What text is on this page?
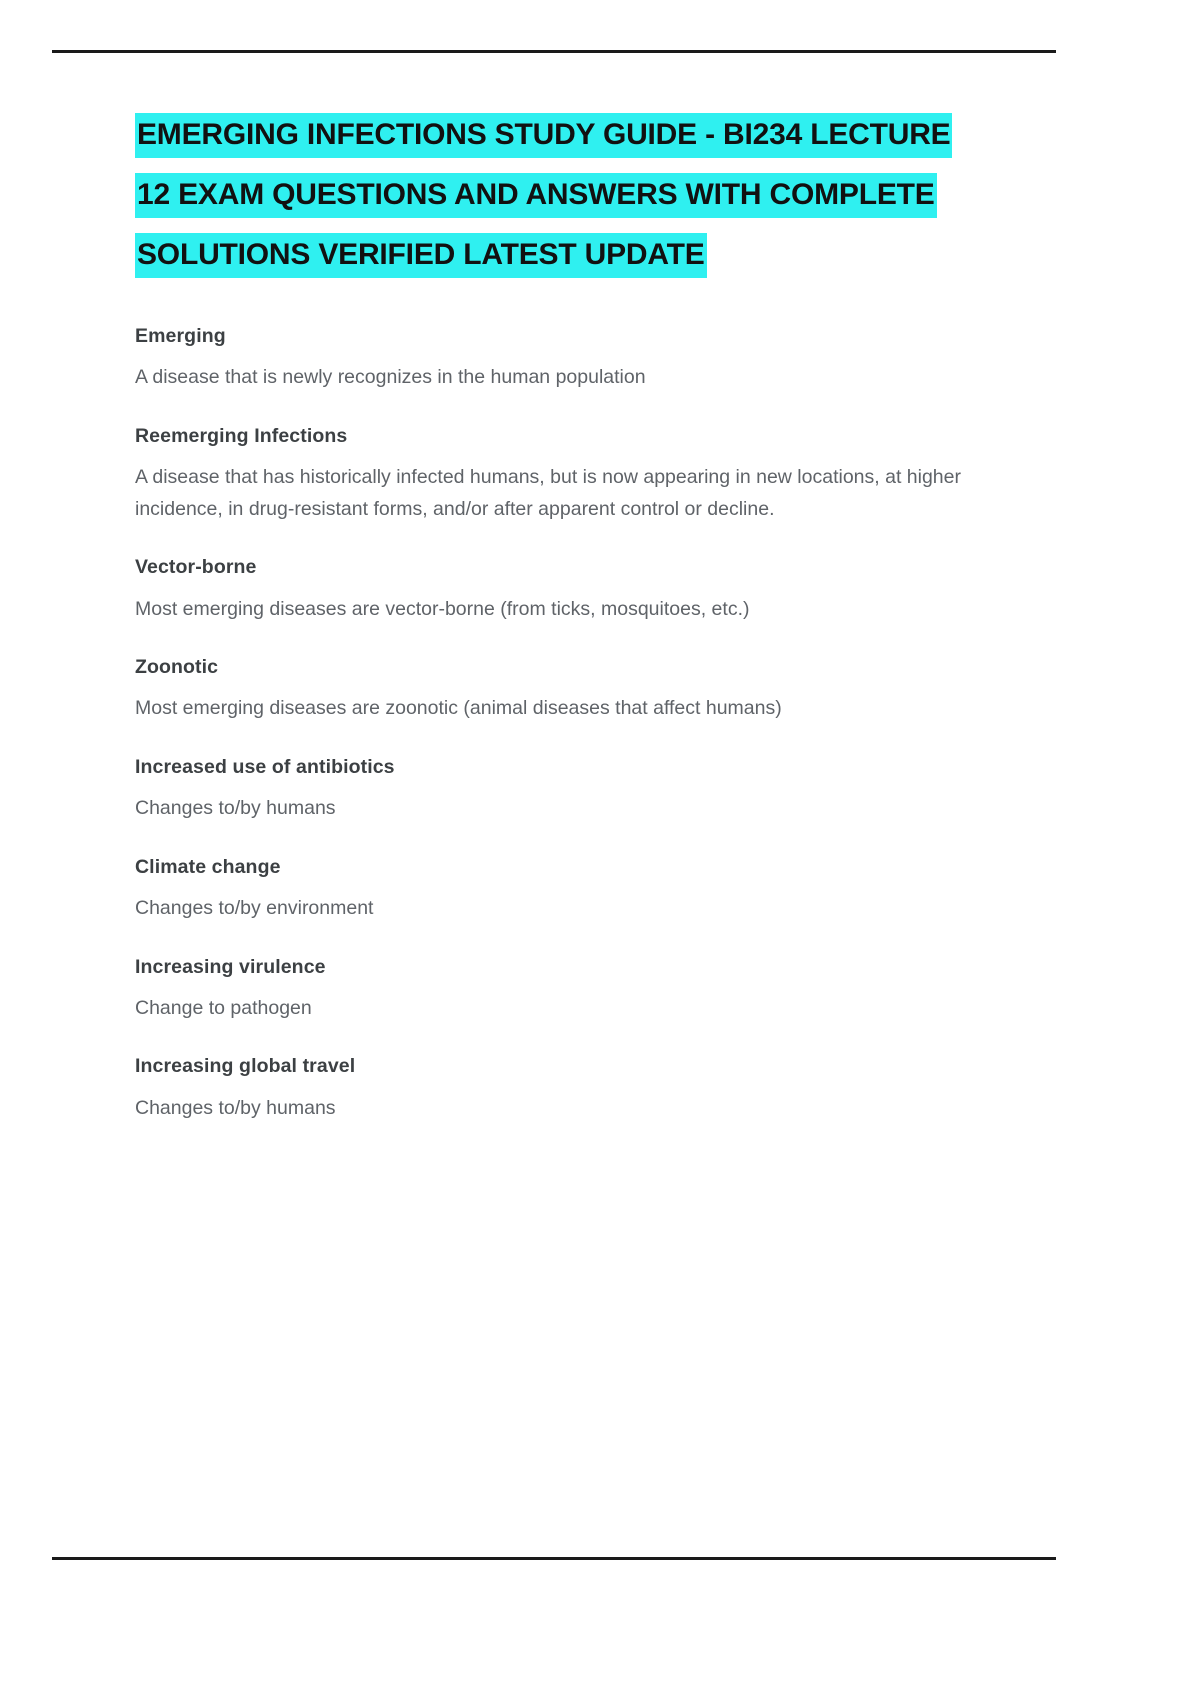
EMERGING INFECTIONS STUDY GUIDE - BI234 LECTURE
12 EXAM QUESTIONS AND ANSWERS WITH COMPLETE
SOLUTIONS VERIFIED LATEST UPDATE

Emerging

A disease that is newly recognizes in the human population

Reemerging Infections

A disease that has historically infected humans, but is now appearing in new locations, at higher incidence, in drug-resistant forms, and/or after apparent control or decline.

Vector-borne

Most emerging diseases are vector-borne (from ticks, mosquitoes, etc.)

Zoonotic

Most emerging diseases are zoonotic (animal diseases that affect humans)

Increased use of antibiotics

Changes to/by humans

Climate change

Changes to/by environment

Increasing virulence

Change to pathogen

Increasing global travel

Changes to/by humans
